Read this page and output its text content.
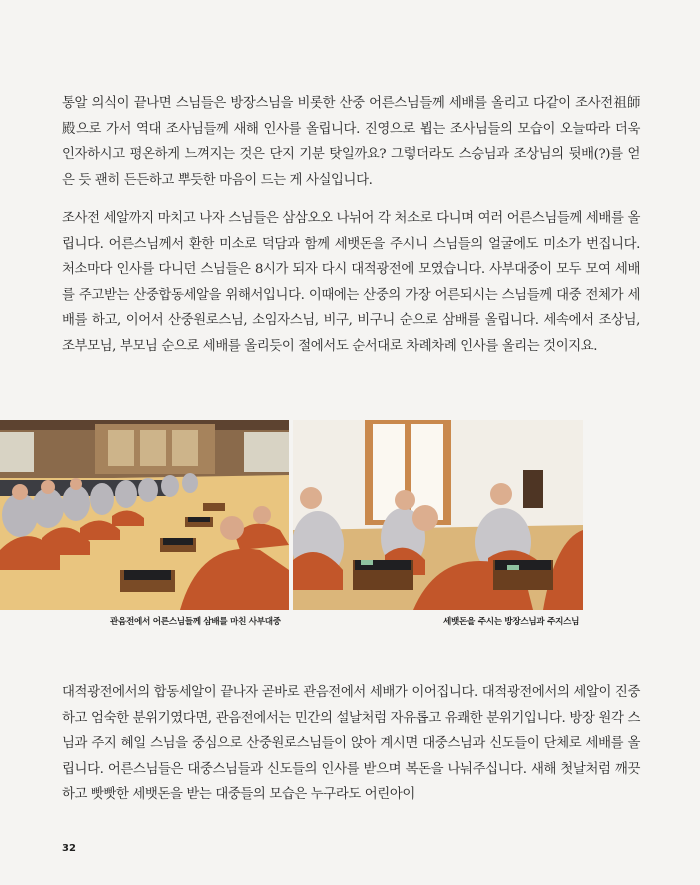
통알 의식이 끝나면 스님들은 방장스님을 비롯한 산중 어른스님들께 세배를 올리고 다같이 조사전祖師殿으로 가서 역대 조사님들께 새해 인사를 올립니다. 진영으로 뵙는 조사님들의 모습이 오늘따라 더욱 인자하시고 평온하게 느껴지는 것은 단지 기분 탓일까요? 그렇더라도 스승님과 조상님의 뒷배(?)를 얻은 듯 괜히 든든하고 뿌듯한 마음이 드는 게 사실입니다.

조사전 세알까지 마치고 나자 스님들은 삼삼오오 나뉘어 각 처소로 다니며 여러 어른스님들께 세배를 올립니다. 어른스님께서 환한 미소로 덕담과 함께 세뱃돈을 주시니 스님들의 얼굴에도 미소가 번집니다. 처소마다 인사를 다니던 스님들은 8시가 되자 다시 대적광전에 모였습니다. 사부대중이 모두 모여 세배를 주고받는 산중합동세알을 위해서입니다. 이때에는 산중의 가장 어른되시는 스님들께 대중 전체가 세배를 하고, 이어서 산중원로스님, 소임자스님, 비구, 비구니 순으로 삼배를 올립니다. 세속에서 조상님, 조부모님, 부모님 순으로 세배를 올리듯이 절에서도 순서대로 차례차례 인사를 올리는 것이지요.

관음전에서 어른스님들께 삼배를 마친 사부대중	세뱃돈을 주시는 방장스님과 주지스님

대적광전에서의 합동세알이 끝나자 곧바로 관음전에서 세배가 이어집니다. 대적광전에서의 세알이 진중하고 엄숙한 분위기였다면, 관음전에서는 민간의 설날처럼 자유롭고 유쾌한 분위기입니다. 방장 원각 스님과 주지 혜일 스님을 중심으로 산중원로스님들이 앉아 계시면 대중스님과 신도들이 단체로 세배를 올립니다. 어른스님들은 대중스님들과 신도들의 인사를 받으며 복돈을 나눠주십니다. 새해 첫날처럼 깨끗하고 빳빳한 세뱃돈을 받는 대중들의 모습은 누구라도 어린아이

32
